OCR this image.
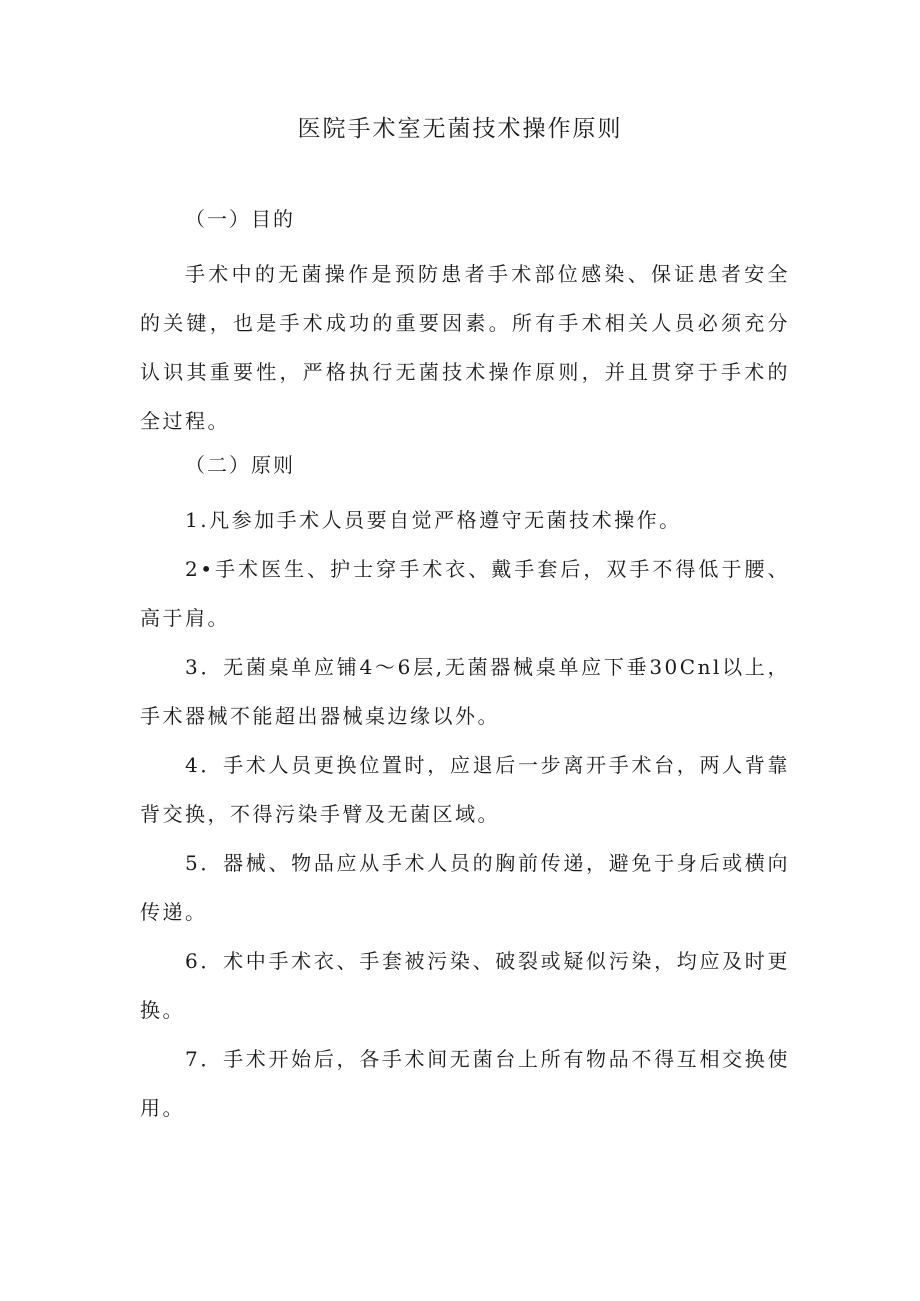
医院手术室无菌技术操作原则
（一）目的

手术中的无菌操作是预防患者手术部位感染、保证患者安全的关键，也是手术成功的重要因素。所有手术相关人员必须充分认识其重要性，严格执行无菌技术操作原则，并且贯穿于手术的全过程。

（二）原则

1.凡参加手术人员要自觉严格遵守无菌技术操作。

2•手术医生、护士穿手术衣、戴手套后，双手不得低于腰、高于肩。

3．无菌桌单应铺4～6层,无菌器械桌单应下垂30Cnl以上，手术器械不能超出器械桌边缘以外。

4．手术人员更换位置时，应退后一步离开手术台，两人背靠背交换，不得污染手臂及无菌区域。

5．器械、物品应从手术人员的胸前传递，避免于身后或横向传递。

6．术中手术衣、手套被污染、破裂或疑似污染，均应及时更换。

7．手术开始后，各手术间无菌台上所有物品不得互相交换使用。
